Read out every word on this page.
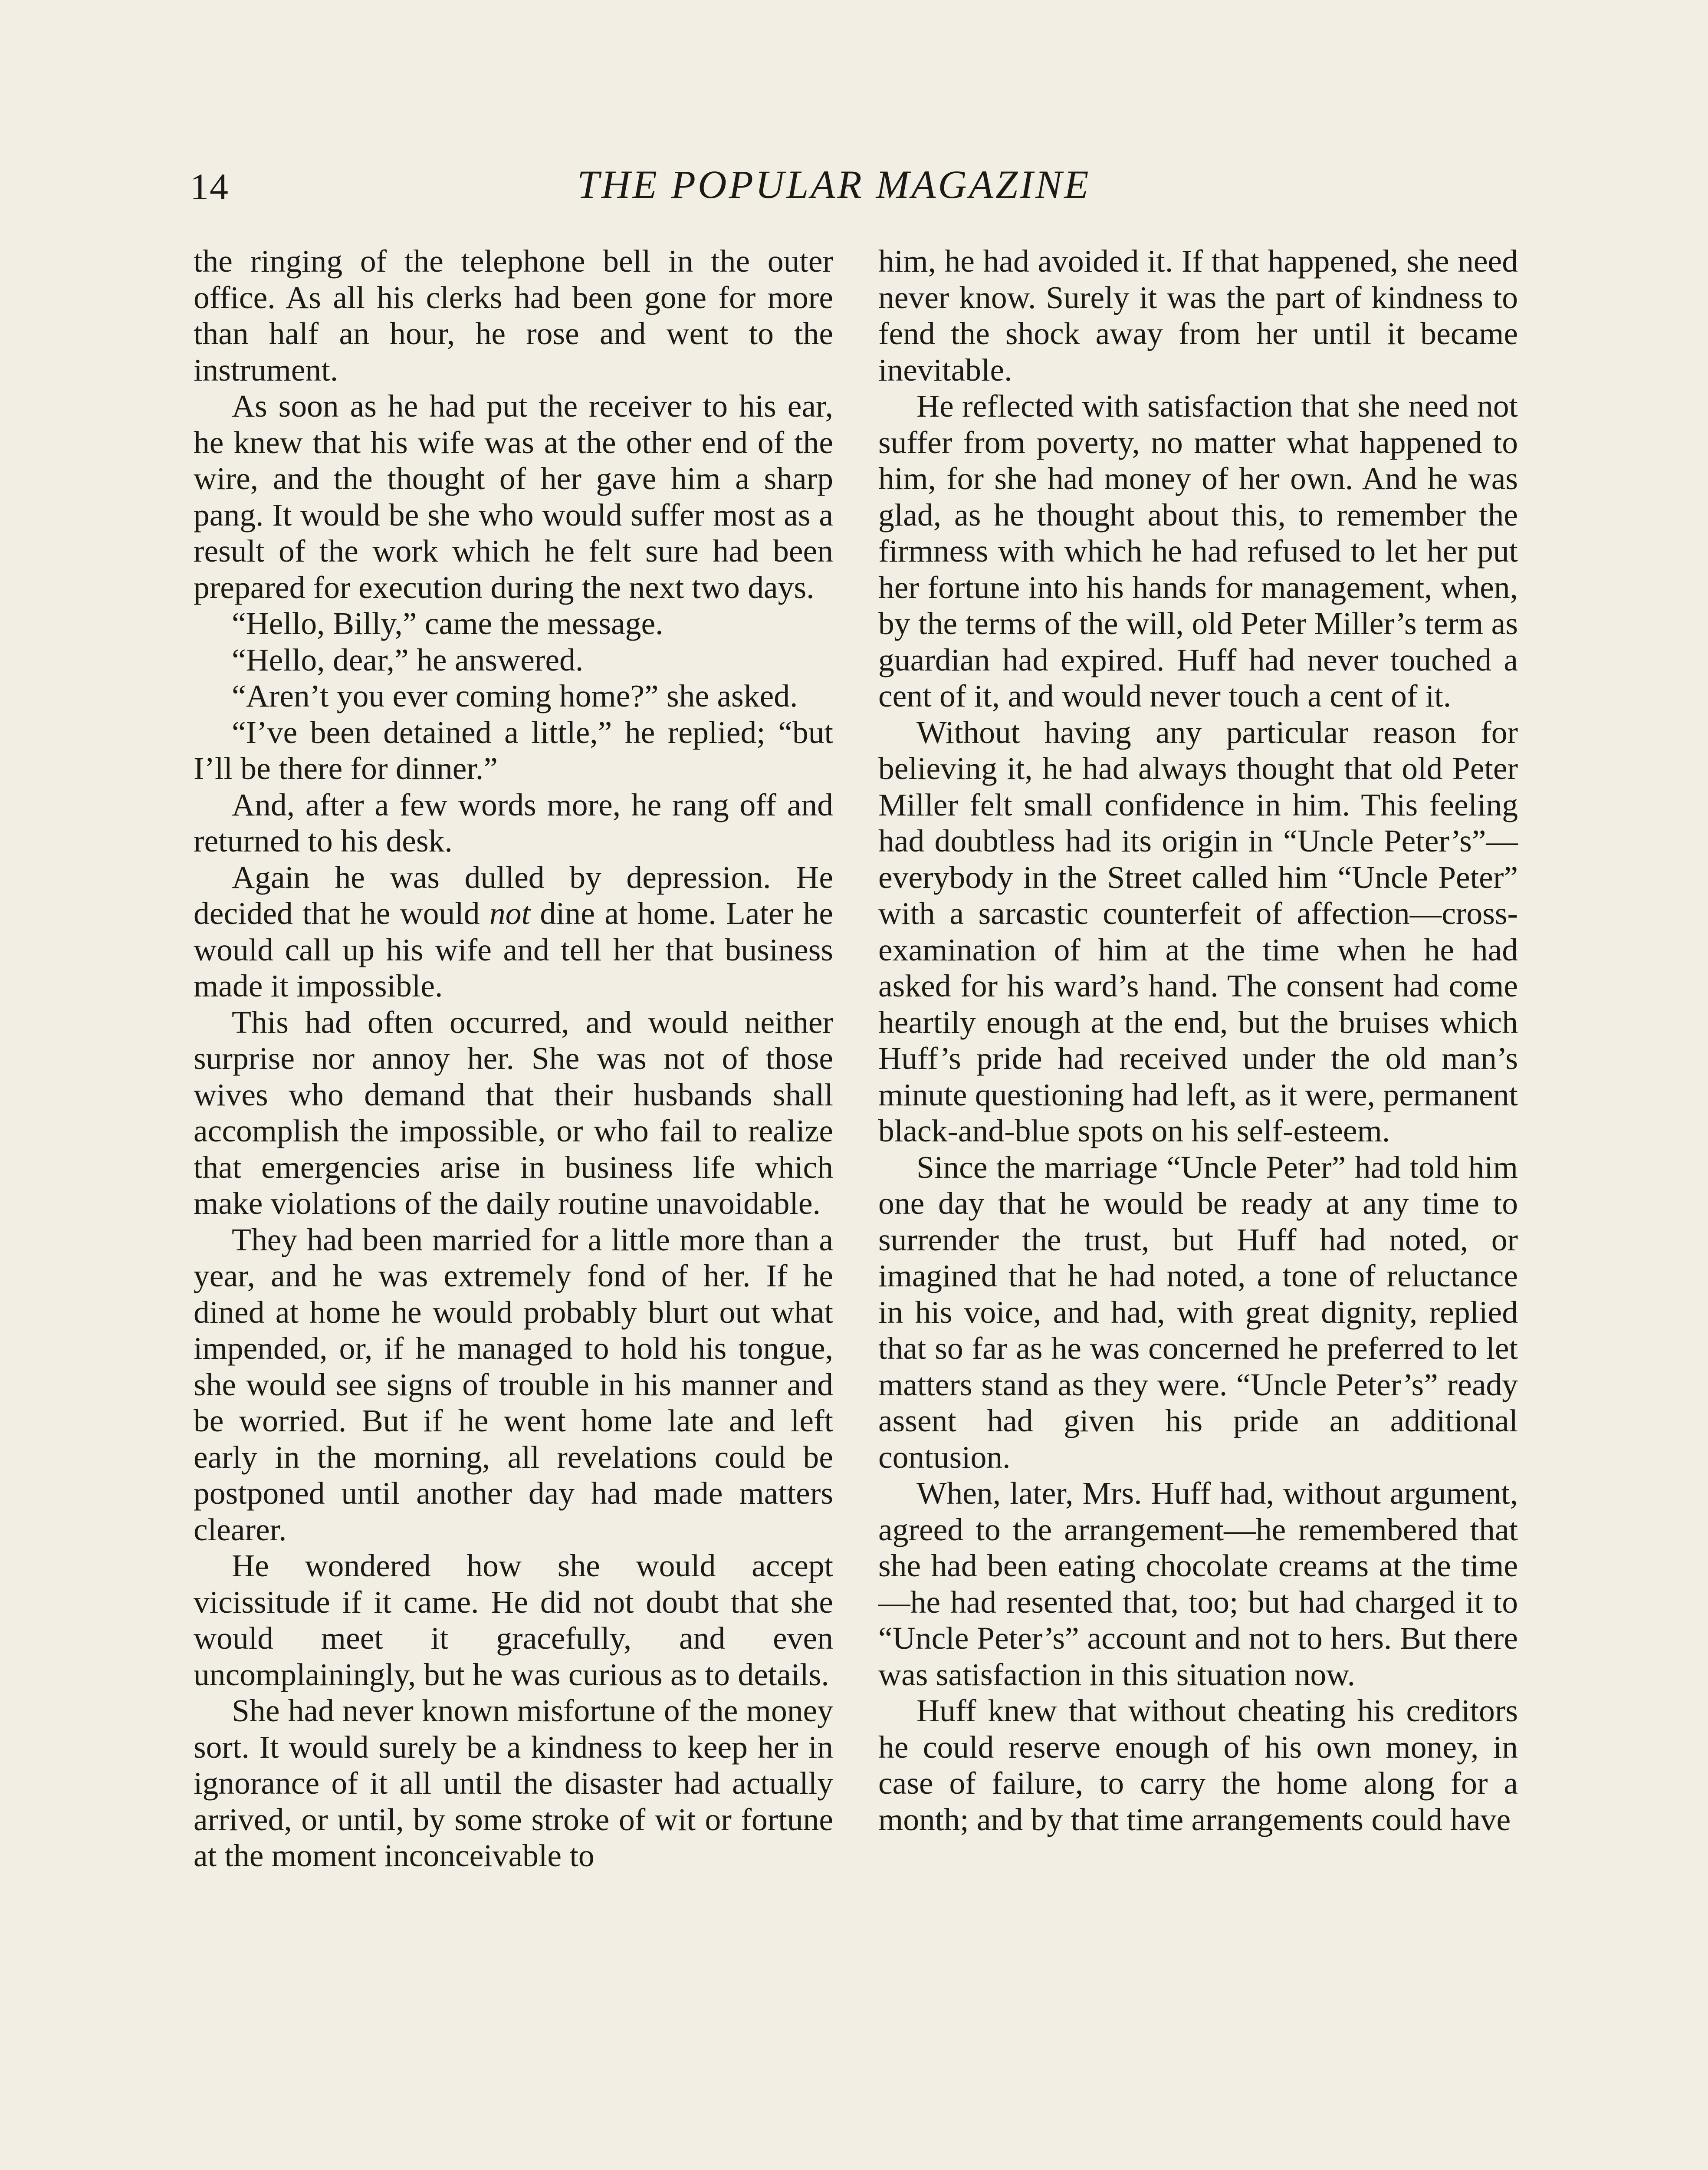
14	THE POPULAR MAGAZINE

the ringing of the telephone bell in the outer office. As all his clerks had been gone for more than half an hour, he rose and went to the instrument.

As soon as he had put the receiver to his ear, he knew that his wife was at the other end of the wire, and the thought of her gave him a sharp pang. It would be she who would suffer most as a result of the work which he felt sure had been prepared for execution during the next two days.

“Hello, Billy,” came the message.

“Hello, dear,” he answered.

“Aren’t you ever coming home?” she asked.

“I’ve been detained a little,” he replied; “but I’ll be there for dinner.”

And, after a few words more, he rang off and returned to his desk.

Again he was dulled by depression. He decided that he would not dine at home. Later he would call up his wife and tell her that business made it impossible.

This had often occurred, and would neither surprise nor annoy her. She was not of those wives who demand that their husbands shall accomplish the impossible, or who fail to realize that emergencies arise in business life which make violations of the daily routine unavoidable.

They had been married for a little more than a year, and he was extremely fond of her. If he dined at home he would probably blurt out what impended, or, if he managed to hold his tongue, she would see signs of trouble in his manner and be worried. But if he went home late and left early in the morning, all revelations could be postponed until another day had made matters clearer.

He wondered how she would accept vicissitude if it came. He did not doubt that she would meet it gracefully, and even uncomplainingly, but he was curious as to details.

She had never known misfortune of the money sort. It would surely be a kindness to keep her in ignorance of it all until the disaster had actually arrived, or until, by some stroke of wit or fortune at the moment inconceivable to

him, he had avoided it. If that happened, she need never know. Surely it was the part of kindness to fend the shock away from her until it became inevitable.

He reflected with satisfaction that she need not suffer from poverty, no matter what happened to him, for she had money of her own. And he was glad, as he thought about this, to remember the firmness with which he had refused to let her put her fortune into his hands for management, when, by the terms of the will, old Peter Miller’s term as guardian had expired. Huff had never touched a cent of it, and would never touch a cent of it.

Without having any particular reason for believing it, he had always thought that old Peter Miller felt small confidence in him. This feeling had doubtless had its origin in “Uncle Peter’s”—everybody in the Street called him “Uncle Peter” with a sarcastic counterfeit of affection—cross-examination of him at the time when he had asked for his ward’s hand. The consent had come heartily enough at the end, but the bruises which Huff’s pride had received under the old man’s minute questioning had left, as it were, permanent black-and-blue spots on his self-esteem.

Since the marriage “Uncle Peter” had told him one day that he would be ready at any time to surrender the trust, but Huff had noted, or imagined that he had noted, a tone of reluctance in his voice, and had, with great dignity, replied that so far as he was concerned he preferred to let matters stand as they were. “Uncle Peter’s” ready assent had given his pride an additional contusion.

When, later, Mrs. Huff had, without argument, agreed to the arrangement—he remembered that she had been eating chocolate creams at the time—he had resented that, too; but had charged it to “Uncle Peter’s” account and not to hers. But there was satisfaction in this situation now.

Huff knew that without cheating his creditors he could reserve enough of his own money, in case of failure, to carry the home along for a month; and by that time arrangements could have
